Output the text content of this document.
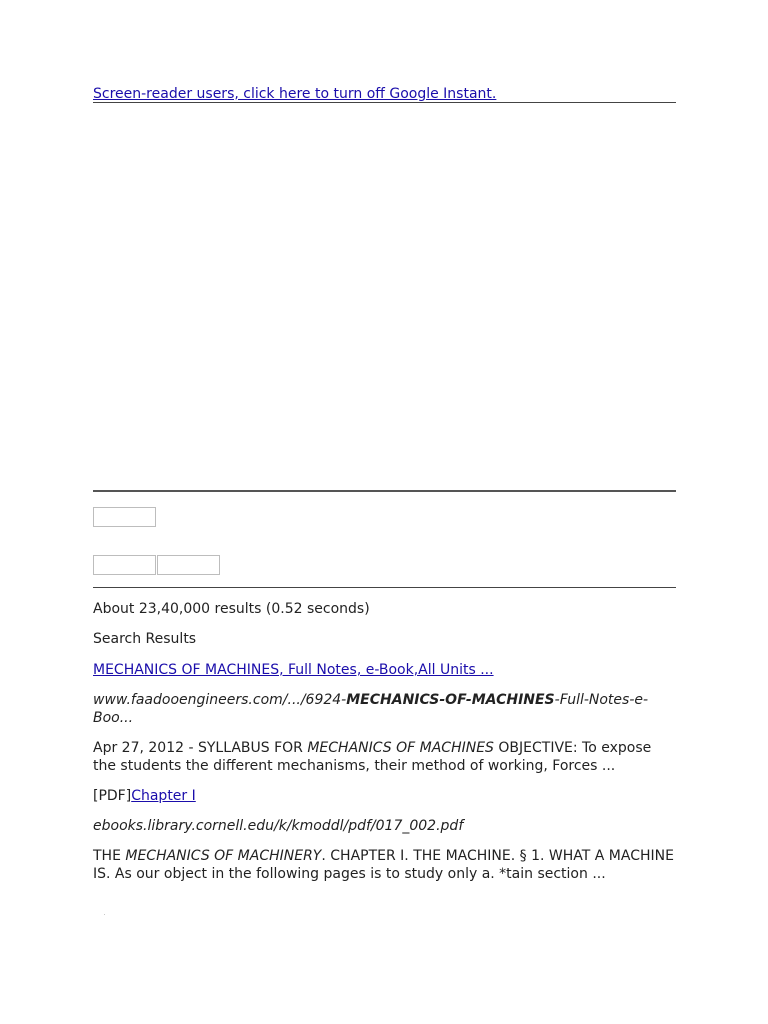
Screen-reader users, click here to turn off Google Instant.
About 23,40,000 results (0.52 seconds)
Search Results
MECHANICS OF MACHINES, Full Notes, e-Book,All Units ...
www.faadooengineers.com/.../6924-MECHANICS-OF-MACHINES-Full-Notes-e-Boo...
Apr 27, 2012 - SYLLABUS FOR MECHANICS OF MACHINES OBJECTIVE: To expose the students the different mechanisms, their method of working, Forces ...
[PDF]Chapter I
ebooks.library.cornell.edu/k/kmoddl/pdf/017_002.pdf
THE MECHANICS OF MACHINERY. CHAPTER I. THE MACHINE. § 1. WHAT A MACHINE IS. As our object in the following pages is to study only a. *tain section ...
